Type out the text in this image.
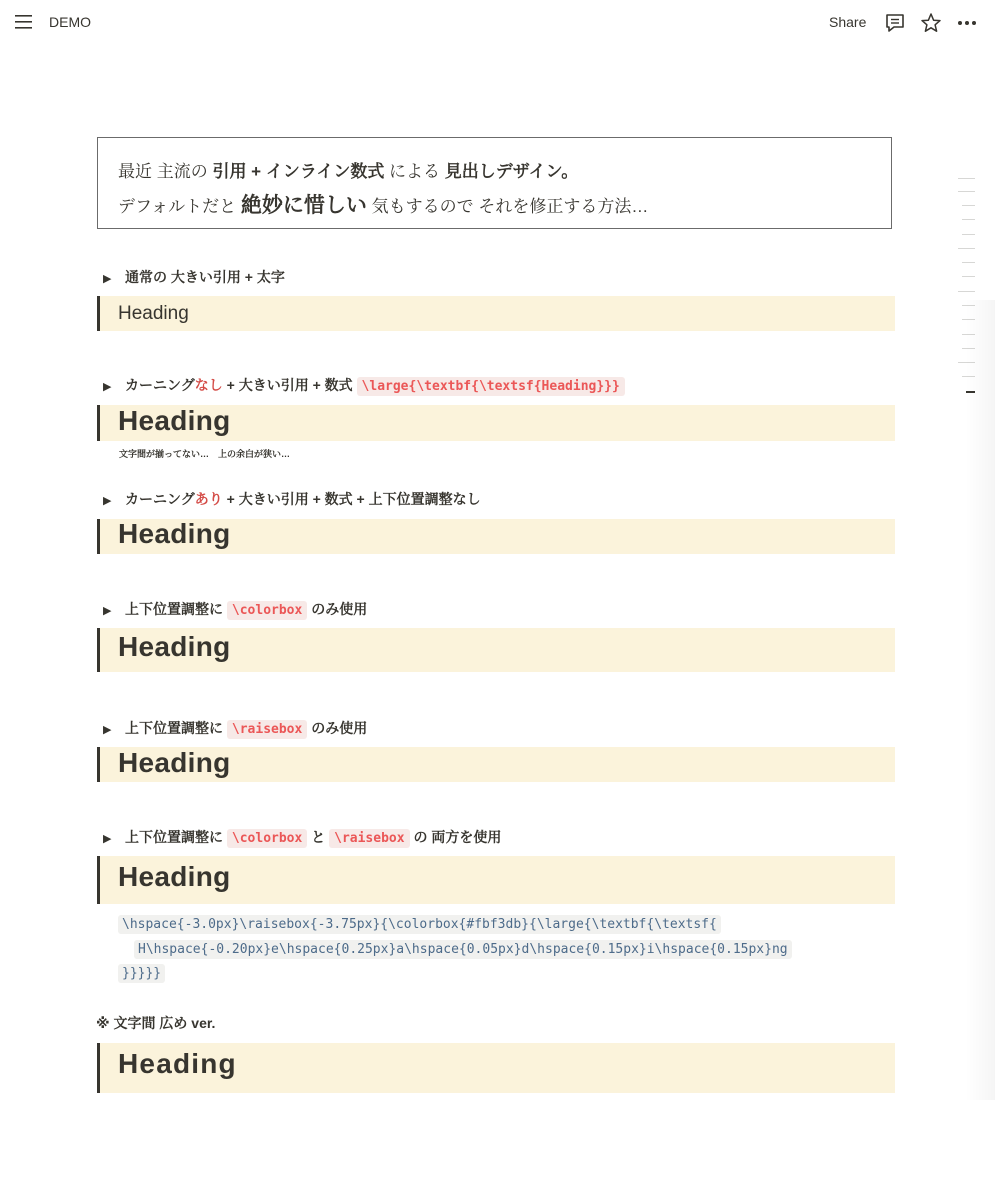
DEMO	Share
最近 主流の 引用 + インライン数式 による 見出しデザイン。
デフォルトだと 絶妙に惜しい 気もするので それを修正する方法…
▶ 通常の 大きい引用 + 太字
Heading
▶ カーニングなし + 大きい引用 + 数式 \large{\textbf{\textsf{Heading}}}
Heading
文字間が揃ってない…　上の余白が狭い…
▶ カーニングあり + 大きい引用 + 数式 + 上下位置調整なし
Heading
▶ 上下位置調整に \colorbox のみ使用
Heading
▶ 上下位置調整に \raisebox のみ使用
Heading
▶ 上下位置調整に \colorbox と \raisebox の 両方を使用
Heading
\hspace{-3.0px}\raisebox{-3.75px}{\colorbox{#fbf3db}{\large{\textbf{\textsf{
H\hspace{-0.20px}e\hspace{0.25px}a\hspace{0.05px}d\hspace{0.15px}i\hspace{0.15px}ng
}}}}}
※ 文字間 広め ver.
Heading
